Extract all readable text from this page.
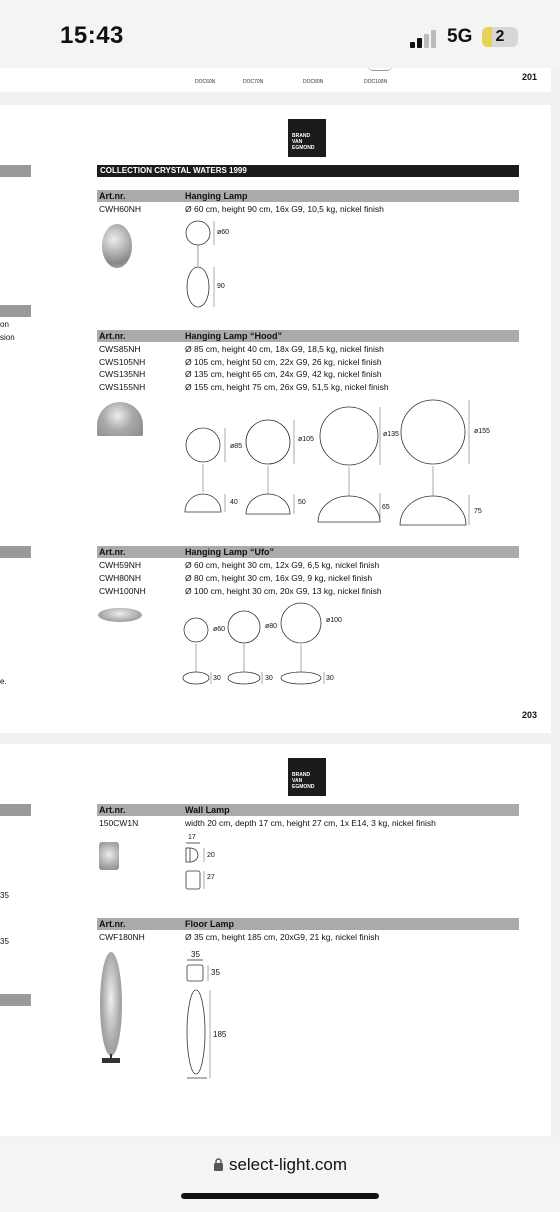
15:43	5G	2
DOC60N	DOC70N	DOC80N	DOC100N	201
on
sion
e.
BRAND
VAN
EGMOND
COLLECTION CRYSTAL WATERS 1999
Art.nr.	Hanging Lamp
CWH60NH	Ø 60 cm, height 90 cm, 16x G9, 10,5 kg, nickel finish
ø60
90
Art.nr.	Hanging Lamp “Hood”
CWS85NH	Ø 85 cm, height 40 cm, 18x G9, 18,5 kg, nickel finish
CWS105NH	Ø 105 cm, height 50 cm, 22x G9, 26 kg, nickel finish
CWS135NH	Ø 135 cm, height 65 cm, 24x G9, 42 kg, nickel finish
CWS155NH	Ø 155 cm, height 75 cm, 26x G9, 51,5 kg, nickel finish
ø85
40
ø105
50
ø135
65
ø155
75
Art.nr.	Hanging Lamp “Ufo”
CWH59NH	Ø 60 cm, height 30 cm, 12x G9, 6,5 kg, nickel finish
CWH80NH	Ø 80 cm, height 30 cm, 16x G9, 9 kg, nickel finish
CWH100NH	Ø 100 cm, height 30 cm, 20x G9, 13 kg, nickel finish
ø60
30
ø80
30
ø100
30
203
35
35
BRAND
VAN
EGMOND
Art.nr.	Wall Lamp
150CW1N	width 20 cm, depth 17 cm, height 27 cm, 1x E14, 3 kg, nickel finish
17
20
27
Art.nr.	Floor Lamp
CWF180NH	Ø 35 cm, height 185 cm, 20xG9, 21 kg, nickel finish
35
35
185
select-light.com
